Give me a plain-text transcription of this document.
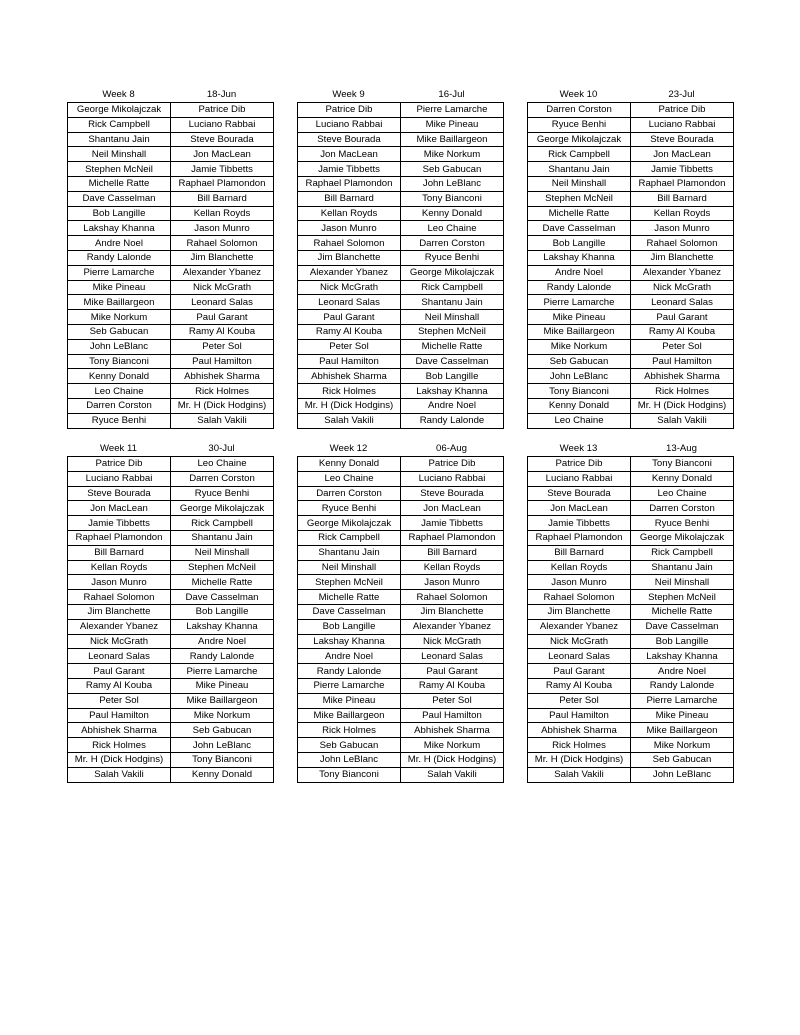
Week 8	18-Jun
George Mikolajczak	Patrice Dib
Rick Campbell	Luciano Rabbai
Shantanu Jain	Steve Bourada
Neil Minshall	Jon MacLean
Stephen McNeil	Jamie Tibbetts
Michelle Ratte	Raphael Plamondon
Dave Casselman	Bill Barnard
Bob Langille	Kellan Royds
Lakshay Khanna	Jason Munro
Andre Noel	Rahael Solomon
Randy Lalonde	Jim Blanchette
Pierre Lamarche	Alexander Ybanez
Mike Pineau	Nick McGrath
Mike Baillargeon	Leonard Salas
Mike Norkum	Paul Garant
Seb Gabucan	Ramy Al Kouba
John LeBlanc	Peter Sol
Tony Bianconi	Paul Hamilton
Kenny Donald	Abhishek Sharma
Leo Chaine	Rick Holmes
Darren Corston	Mr. H (Dick Hodgins)
Ryuce Benhi	Salah Vakili
Week 9	16-Jul
Patrice Dib	Pierre Lamarche
Luciano Rabbai	Mike Pineau
Steve Bourada	Mike Baillargeon
Jon MacLean	Mike Norkum
Jamie Tibbetts	Seb Gabucan
Raphael Plamondon	John LeBlanc
Bill Barnard	Tony Bianconi
Kellan Royds	Kenny Donald
Jason Munro	Leo Chaine
Rahael Solomon	Darren Corston
Jim Blanchette	Ryuce Benhi
Alexander Ybanez	George Mikolajczak
Nick McGrath	Rick Campbell
Leonard Salas	Shantanu Jain
Paul Garant	Neil Minshall
Ramy Al Kouba	Stephen McNeil
Peter Sol	Michelle Ratte
Paul Hamilton	Dave Casselman
Abhishek Sharma	Bob Langille
Rick Holmes	Lakshay Khanna
Mr. H (Dick Hodgins)	Andre Noel
Salah Vakili	Randy Lalonde
Week 10	23-Jul
Darren Corston	Patrice Dib
Ryuce Benhi	Luciano Rabbai
George Mikolajczak	Steve Bourada
Rick Campbell	Jon MacLean
Shantanu Jain	Jamie Tibbetts
Neil Minshall	Raphael Plamondon
Stephen McNeil	Bill Barnard
Michelle Ratte	Kellan Royds
Dave Casselman	Jason Munro
Bob Langille	Rahael Solomon
Lakshay Khanna	Jim Blanchette
Andre Noel	Alexander Ybanez
Randy Lalonde	Nick McGrath
Pierre Lamarche	Leonard Salas
Mike Pineau	Paul Garant
Mike Baillargeon	Ramy Al Kouba
Mike Norkum	Peter Sol
Seb Gabucan	Paul Hamilton
John LeBlanc	Abhishek Sharma
Tony Bianconi	Rick Holmes
Kenny Donald	Mr. H (Dick Hodgins)
Leo Chaine	Salah Vakili
Week 11	30-Jul
Patrice Dib	Leo Chaine
Luciano Rabbai	Darren Corston
Steve Bourada	Ryuce Benhi
Jon MacLean	George Mikolajczak
Jamie Tibbetts	Rick Campbell
Raphael Plamondon	Shantanu Jain
Bill Barnard	Neil Minshall
Kellan Royds	Stephen McNeil
Jason Munro	Michelle Ratte
Rahael Solomon	Dave Casselman
Jim Blanchette	Bob Langille
Alexander Ybanez	Lakshay Khanna
Nick McGrath	Andre Noel
Leonard Salas	Randy Lalonde
Paul Garant	Pierre Lamarche
Ramy Al Kouba	Mike Pineau
Peter Sol	Mike Baillargeon
Paul Hamilton	Mike Norkum
Abhishek Sharma	Seb Gabucan
Rick Holmes	John LeBlanc
Mr. H (Dick Hodgins)	Tony Bianconi
Salah Vakili	Kenny Donald
Week 12	06-Aug
Kenny Donald	Patrice Dib
Leo Chaine	Luciano Rabbai
Darren Corston	Steve Bourada
Ryuce Benhi	Jon MacLean
George Mikolajczak	Jamie Tibbetts
Rick Campbell	Raphael Plamondon
Shantanu Jain	Bill Barnard
Neil Minshall	Kellan Royds
Stephen McNeil	Jason Munro
Michelle Ratte	Rahael Solomon
Dave Casselman	Jim Blanchette
Bob Langille	Alexander Ybanez
Lakshay Khanna	Nick McGrath
Andre Noel	Leonard Salas
Randy Lalonde	Paul Garant
Pierre Lamarche	Ramy Al Kouba
Mike Pineau	Peter Sol
Mike Baillargeon	Paul Hamilton
Rick Holmes	Abhishek Sharma
Seb Gabucan	Mike Norkum
John LeBlanc	Mr. H (Dick Hodgins)
Tony Bianconi	Salah Vakili
Week 13	13-Aug
Patrice Dib	Tony Bianconi
Luciano Rabbai	Kenny Donald
Steve Bourada	Leo Chaine
Jon MacLean	Darren Corston
Jamie Tibbetts	Ryuce Benhi
Raphael Plamondon	George Mikolajczak
Bill Barnard	Rick Campbell
Kellan Royds	Shantanu Jain
Jason Munro	Neil Minshall
Rahael Solomon	Stephen McNeil
Jim Blanchette	Michelle Ratte
Alexander Ybanez	Dave Casselman
Nick McGrath	Bob Langille
Leonard Salas	Lakshay Khanna
Paul Garant	Andre Noel
Ramy Al Kouba	Randy Lalonde
Peter Sol	Pierre Lamarche
Paul Hamilton	Mike Pineau
Abhishek Sharma	Mike Baillargeon
Rick Holmes	Mike Norkum
Mr. H (Dick Hodgins)	Seb Gabucan
Salah Vakili	John LeBlanc
